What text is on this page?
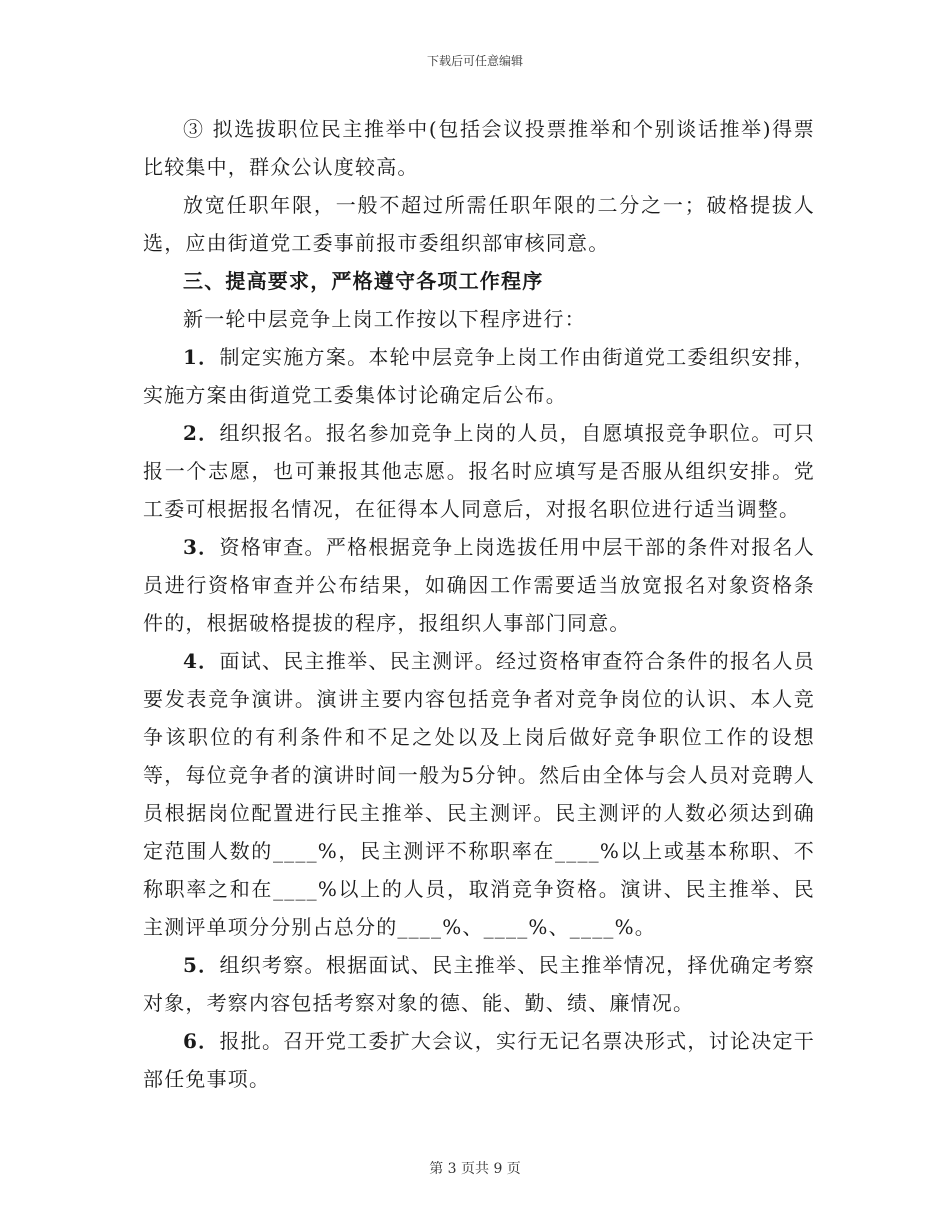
下载后可任意编辑

③ 拟选拔职位民主推举中(包括会议投票推举和个别谈话推举)得票比较集中，群众公认度较高。

放宽任职年限，一般不超过所需任职年限的二分之一；破格提拔人选，应由街道党工委事前报市委组织部审核同意。

三、提高要求，严格遵守各项工作程序

新一轮中层竞争上岗工作按以下程序进行：

1．制定实施方案。本轮中层竞争上岗工作由街道党工委组织安排，实施方案由街道党工委集体讨论确定后公布。

2．组织报名。报名参加竞争上岗的人员，自愿填报竞争职位。可只报一个志愿，也可兼报其他志愿。报名时应填写是否服从组织安排。党工委可根据报名情况，在征得本人同意后，对报名职位进行适当调整。

3．资格审查。严格根据竞争上岗选拔任用中层干部的条件对报名人员进行资格审查并公布结果，如确因工作需要适当放宽报名对象资格条件的，根据破格提拔的程序，报组织人事部门同意。

4．面试、民主推举、民主测评。经过资格审查符合条件的报名人员要发表竞争演讲。演讲主要内容包括竞争者对竞争岗位的认识、本人竞争该职位的有利条件和不足之处以及上岗后做好竞争职位工作的设想等，每位竞争者的演讲时间一般为5分钟。然后由全体与会人员对竞聘人员根据岗位配置进行民主推举、民主测评。民主测评的人数必须达到确定范围人数的____%，民主测评不称职率在____%以上或基本称职、不称职率之和在____%以上的人员，取消竞争资格。演讲、民主推举、民主测评单项分分别占总分的____%、____%、____%。

5．组织考察。根据面试、民主推举、民主推举情况，择优确定考察对象，考察内容包括考察对象的德、能、勤、绩、廉情况。

6．报批。召开党工委扩大会议，实行无记名票决形式，讨论决定干部任免事项。

第 3 页共 9 页
